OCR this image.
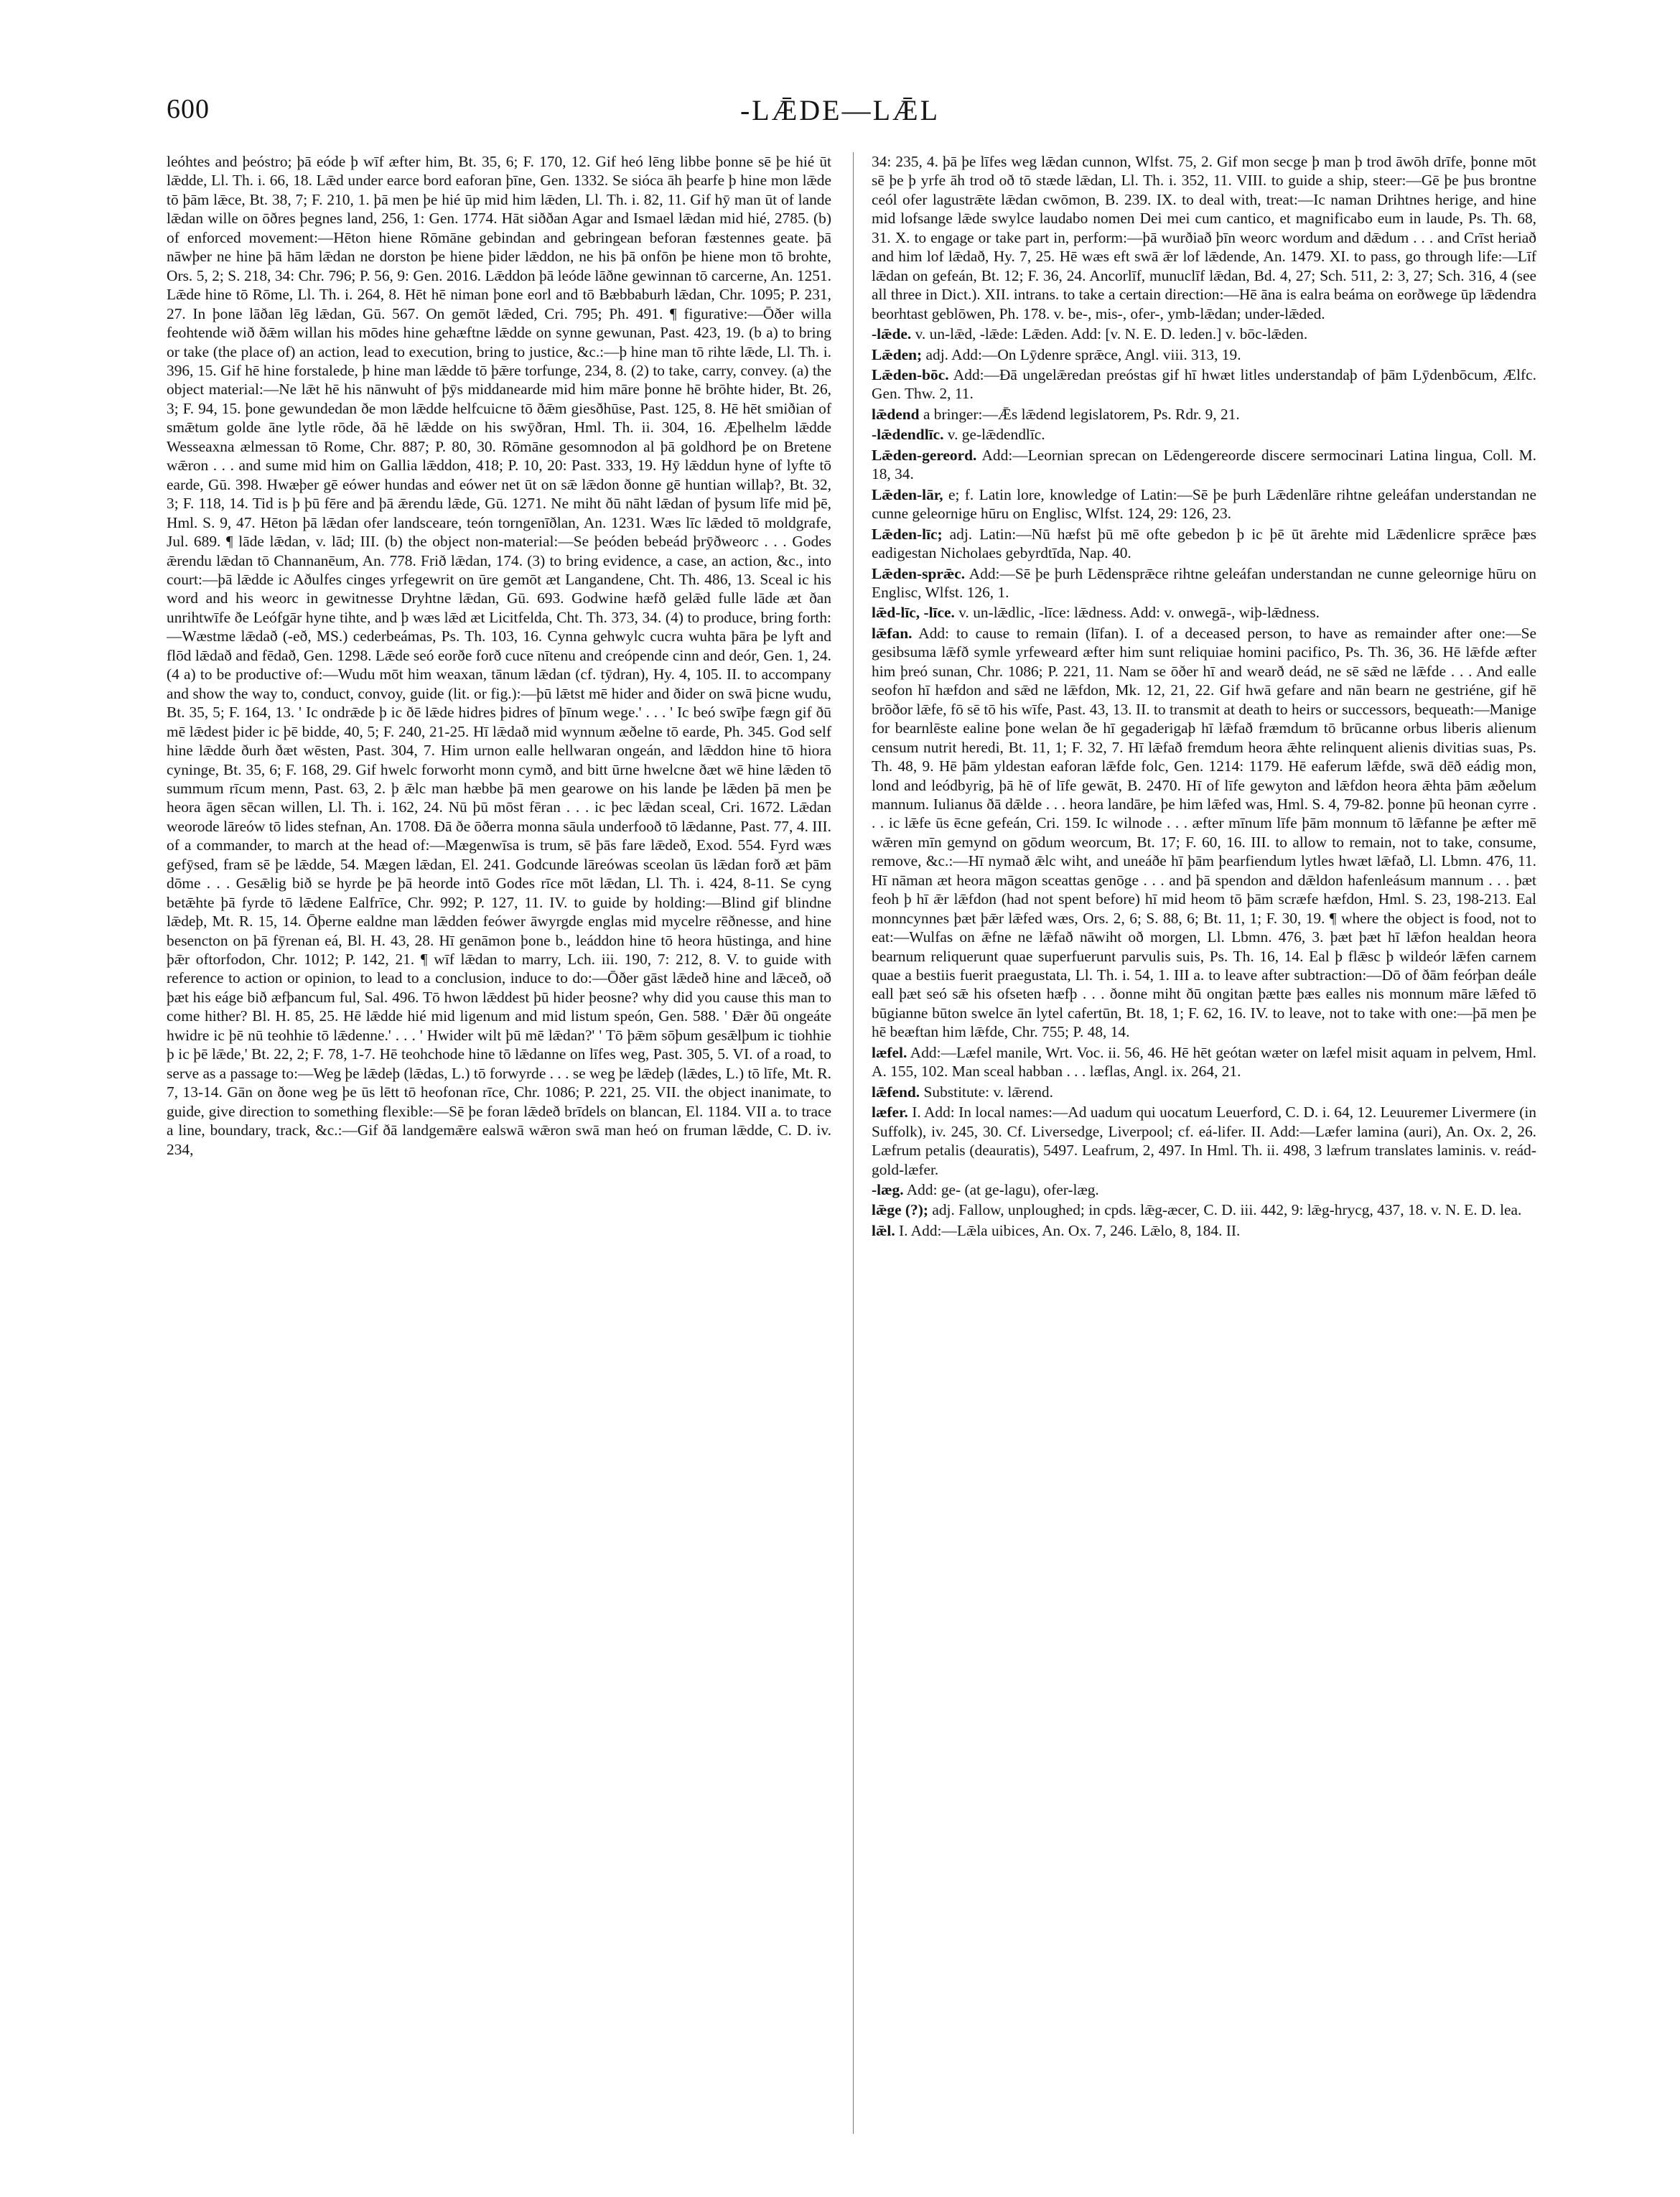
600	-LǢDE—LǢL

leóhtes and þeóstro; þā eóde þ wīf æfter him, Bt. 35, 6; F. 170, 12. Gif heó lēng libbe þonne sē þe hié ūt lǣdde, Ll. Th. i. 66, 18. Lǣd under earce bord eaforan þīne, Gen. 1332. Se sióca āh þearfe þ hine mon lǣde tō þām lǣce, Bt. 38, 7; F. 210, 1. þā men þe hié ūp mid him lǣden, Ll. Th. i. 82, 11. Gif hȳ man ūt of lande lǣdan wille on ōðres þegnes land, 256, 1: Gen. 1774. Hāt siððan Agar and Ismael lǣdan mid hié, 2785. (b) of enforced movement:—Hēton hiene Rōmāne gebindan and gebringean beforan fæstennes geate. þā nāwþer ne hine þā hām lǣdan ne dorston þe hiene þider lǣddon, ne his þā onfōn þe hiene mon tō brohte, Ors. 5, 2; S. 218, 34: Chr. 796; P. 56, 9: Gen. 2016. Lǣddon þā leóde lāðne gewinnan tō carcerne, An. 1251. Lǣde hine tō Rōme, Ll. Th. i. 264, 8. Hēt hē niman þone eorl and tō Bæbbaburh lǣdan, Chr. 1095; P. 231, 27. In þone lāðan lēg lǣdan, Gū. 567. On gemōt lǣded, Cri. 795; Ph. 491. ¶ figurative:—Ōðer willa feohtende wið ðǣm willan his mōdes hine gehæftne lǣdde on synne gewunan, Past. 423, 19. (b a) to bring or take (the place of) an action, lead to execution, bring to justice, &c.:—þ hine man tō rihte lǣde, Ll. Th. i. 396, 15. Gif hē hine forstalede, þ hine man lǣdde tō þǣre torfunge, 234, 8. (2) to take, carry, convey. (a) the object material:—Ne lǣt hē his nānwuht of þȳs middanearde mid him māre þonne hē brōhte hider, Bt. 26, 3; F. 94, 15. þone gewundedan ðe mon lǣdde helfcuicne tō ðǣm giesðhūse, Past. 125, 8. Hē hēt smiðian of smǣtum golde āne lytle rōde, ðā hē lǣdde on his swȳðran, Hml. Th. ii. 304, 16. Æþelhelm lǣdde Wesseaxna ælmessan tō Rome, Chr. 887; P. 80, 30. Rōmāne gesomnodon al þā goldhord þe on Bretene wǣron . . . and sume mid him on Gallia lǣddon, 418; P. 10, 20: Past. 333, 19. Hȳ lǣddun hyne of lyfte tō earde, Gū. 398. Hwæþer gē eówer hundas and eówer net ūt on sǣ lǣdon ðonne gē huntian willaþ?, Bt. 32, 3; F. 118, 14. Tid is þ þū fēre and þā ǣrendu lǣde, Gū. 1271. Ne miht ðū nāht lǣdan of þysum līfe mid þē, Hml. S. 9, 47. Hēton þā lǣdan ofer landsceare, teón torngenīðlan, An. 1231. Wæs līc lǣded tō moldgrafe, Jul. 689. ¶ lāde lǣdan, v. lād; III. (b) the object non-material:—Se þeóden bebeád þrȳðweorc . . . Godes ǣrendu lǣdan tō Channanēum, An. 778. Frið lǣdan, 174. (3) to bring evidence, a case, an action, &c., into court:—þā lǣdde ic Aðulfes cinges yrfegewrit on ūre gemōt æt Langandene, Cht. Th. 486, 13. Sceal ic his word and his weorc in gewitnesse Dryhtne lǣdan, Gū. 693. Godwine hæfð gelǣd fulle lāde æt ðan unrihtwīfe ðe Leófgār hyne tihte, and þ wæs lǣd æt Licitfelda, Cht. Th. 373, 34. (4) to produce, bring forth:—Wæstme lǣdað (-eð, MS.) cederbeámas, Ps. Th. 103, 16. Cynna gehwylc cucra wuhta þāra þe lyft and flōd lǣdað and fēdað, Gen. 1298. Lǣde seó eorðe forð cuce nītenu and creópende cinn and deór, Gen. 1, 24. (4 a) to be productive of:—Wudu mōt him weaxan, tānum lǣdan (cf. tȳdran), Hy. 4, 105. II. to accompany and show the way to, conduct, convoy, guide (lit. or fig.):—þū lǣtst mē hider and ðider on swā þicne wudu, Bt. 35, 5; F. 164, 13. ' Ic ondrǣde þ ic ðē lǣde hidres þidres of þīnum wege.' . . . ' Ic beó swīþe fægn gif ðū mē lǣdest þider ic þē bidde, 40, 5; F. 240, 21-25. Hī lǣdað mid wynnum æðelne tō earde, Ph. 345. God self hine lǣdde ðurh ðæt wēsten, Past. 304, 7. Him urnon ealle hellwaran ongeán, and lǣddon hine tō hiora cyninge, Bt. 35, 6; F. 168, 29. Gif hwelc forworht monn cymð, and bitt ūrne hwelcne ðæt wē hine lǣden tō summum rīcum menn, Past. 63, 2. þ ǣlc man hæbbe þā men gearowe on his lande þe lǣden þā men þe heora āgen sēcan willen, Ll. Th. i. 162, 24. Nū þū mōst fēran . . . ic þec lǣdan sceal, Cri. 1672. Lǣdan weorode lāreów tō lides stefnan, An. 1708. Ðā ðe ōðerra monna sāula underfooð tō lǣdanne, Past. 77, 4. III. of a commander, to march at the head of:—Mægenwīsa is trum, sē þās fare lǣdeð, Exod. 554. Fyrd wæs gefȳsed, fram sē þe lǣdde, 54. Mægen lǣdan, El. 241. Godcunde lāreówas sceolan ūs lǣdan forð æt þām dōme . . . Gesǣlig bið se hyrde þe þā heorde intō Godes rīce mōt lǣdan, Ll. Th. i. 424, 8-11. Se cyng betǣhte þā fyrde tō lǣdene Ealfrīce, Chr. 992; P. 127, 11. IV. to guide by holding:—Blind gif blindne lǣdeþ, Mt. R. 15, 14. Ōþerne ealdne man lǣdden feówer āwyrgde englas mid mycelre rēðnesse, and hine besencton on þā fȳrenan eá, Bl. H. 43, 28. Hī genāmon þone b., leáddon hine tō heora hūstinga, and hine þǣr oftorfodon, Chr. 1012; P. 142, 21. ¶ wīf lǣdan to marry, Lch. iii. 190, 7: 212, 8. V. to guide with reference to action or opinion, to lead to a conclusion, induce to do:—Ōðer gāst lǣdeð hine and lǣceð, oð þæt his eáge bið æfþancum ful, Sal. 496. Tō hwon lǣddest þū hider þeosne? why did you cause this man to come hither? Bl. H. 85, 25. Hē lǣdde hié mid ligenum and mid listum speón, Gen. 588. ' Ðǣr ðū ongeáte hwidre ic þē nū teohhie tō lǣdenne.' . . . ' Hwider wilt þū mē lǣdan?' ' Tō þǣm sōþum gesǣlþum ic tiohhie þ ic þē lǣde,' Bt. 22, 2; F. 78, 1-7. Hē teohchode hine tō lǣdanne on līfes weg, Past. 305, 5. VI. of a road, to serve as a passage to:—Weg þe lǣdeþ (lǣdas, L.) tō forwyrde . . . se weg þe lǣdeþ (lǣdes, L.) tō līfe, Mt. R. 7, 13-14. Gān on ðone weg þe ūs lētt tō heofonan rīce, Chr. 1086; P. 221, 25. VII. the object inanimate, to guide, give direction to something flexible:—Sē þe foran lǣdeð brīdels on blancan, El. 1184. VII a. to trace a line, boundary, track, &c.:—Gif ðā landgemǣre ealswā wǣron swā man heó on fruman lǣdde, C. D. iv. 234,

34: 235, 4. þā þe līfes weg lǣdan cunnon, Wlfst. 75, 2. Gif mon secge þ man þ trod āwōh drīfe, þonne mōt sē þe þ yrfe āh trod oð tō stæde lǣdan, Ll. Th. i. 352, 11. VIII. to guide a ship, steer:—Gē þe þus brontne ceól ofer lagustrǣte lǣdan cwōmon, B. 239. IX. to deal with, treat:—Ic naman Drihtnes herige, and hine mid lofsange lǣde swylce laudabo nomen Dei mei cum cantico, et magnificabo eum in laude, Ps. Th. 68, 31. X. to engage or take part in, perform:—þā wurðiað þīn weorc wordum and dǣdum . . . and Crīst heriað and him lof lǣdað, Hy. 7, 25. Hē wæs eft swā ǣr lof lǣdende, An. 1479. XI. to pass, go through life:—Līf lǣdan on gefeán, Bt. 12; F. 36, 24. Ancorlīf, munuclīf lǣdan, Bd. 4, 27; Sch. 511, 2: 3, 27; Sch. 316, 4 (see all three in Dict.). XII. intrans. to take a certain direction:—Hē āna is ealra beáma on eorðwege ūp lǣdendra beorhtast geblōwen, Ph. 178. v. be-, mis-, ofer-, ymb-lǣdan; under-lǣded.

-lǣde. v. un-lǣd, -lǣde: Lǣden. Add: [v. N. E. D. leden.] v. bōc-lǣden.

Lǣden; adj. Add:—On Lȳdenre sprǣce, Angl. viii. 313, 19.

Lǣden-bōc. Add:—Ðā ungelǣredan preóstas gif hī hwæt litles understandaþ of þām Lȳdenbōcum, Ælfc. Gen. Thw. 2, 11.

lǣdend a bringer:—Ǣs lǣdend legislatorem, Ps. Rdr. 9, 21.

-lǣdendlīc. v. ge-lǣdendlīc.

Lǣden-gereord. Add:—Leornian sprecan on Lēdengereorde discere sermocinari Latina lingua, Coll. M. 18, 34.

Lǣden-lār, e; f. Latin lore, knowledge of Latin:—Sē þe þurh Lǣdenlāre rihtne geleáfan understandan ne cunne geleornige hūru on Englisc, Wlfst. 124, 29: 126, 23.

Lǣden-līc; adj. Latin:—Nū hæfst þū mē ofte gebedon þ ic þē ūt ārehte mid Lǣdenlicre sprǣce þæs eadigestan Nicholaes gebyrdtīda, Nap. 40.

Lǣden-sprǣc. Add:—Sē þe þurh Lēdensprǣce rihtne geleáfan understandan ne cunne geleornige hūru on Englisc, Wlfst. 126, 1.

lǣd-līc, -līce. v. un-lǣdlic, -līce: lǣdness. Add: v. onwegā-, wiþ-lǣdness.

lǣfan. Add: to cause to remain (līfan). I. of a deceased person, to have as remainder after one:—Se gesibsuma lǣfð symle yrfeweard æfter him sunt reliquiae homini pacifico, Ps. Th. 36, 36. Hē lǣfde æfter him þreó sunan, Chr. 1086; P. 221, 11. Nam se ōðer hī and wearð deád, ne sē sǣd ne lǣfde . . . And ealle seofon hī hæfdon and sǣd ne lǣfdon, Mk. 12, 21, 22. Gif hwā gefare and nān bearn ne gestriéne, gif hē brōðor lǣfe, fō sē tō his wīfe, Past. 43, 13. II. to transmit at death to heirs or successors, bequeath:—Manige for bearnlēste ealine þone welan ðe hī gegaderigaþ hī lǣfað fræmdum tō brūcanne orbus liberis alienum censum nutrit heredi, Bt. 11, 1; F. 32, 7. Hī lǣfað fremdum heora ǣhte relinquent alienis divitias suas, Ps. Th. 48, 9. Hē þām yldestan eaforan lǣfde folc, Gen. 1214: 1179. Hē eaferum lǣfde, swā dēð eádig mon, lond and leódbyrig, þā hē of līfe gewāt, B. 2470. Hī of līfe gewyton and lǣfdon heora ǣhta þām æðelum mannum. Iulianus ðā dǣlde . . . heora landāre, þe him lǣfed was, Hml. S. 4, 79-82. þonne þū heonan cyrre . . . ic lǣfe ūs ēcne gefeán, Cri. 159. Ic wilnode . . . æfter mīnum līfe þām monnum tō lǣfanne þe æfter mē wǣren mīn gemynd on gōdum weorcum, Bt. 17; F. 60, 16. III. to allow to remain, not to take, consume, remove, &c.:—Hī nymað ǣlc wiht, and uneáðe hī þām þearfiendum lytles hwæt lǣfað, Ll. Lbmn. 476, 11. Hī nāman æt heora māgon sceattas genōge . . . and þā spendon and dǣldon hafenleásum mannum . . . þæt feoh þ hī ǣr lǣfdon (had not spent before) hī mid heom tō þām scræfe hæfdon, Hml. S. 23, 198-213. Eal monncynnes þæt þǣr lǣfed wæs, Ors. 2, 6; S. 88, 6; Bt. 11, 1; F. 30, 19. ¶ where the object is food, not to eat:—Wulfas on ǣfne ne lǣfað nāwiht oð morgen, Ll. Lbmn. 476, 3. þæt þæt hī lǣfon healdan heora bearnum reliquerunt quae superfuerunt parvulis suis, Ps. Th. 16, 14. Eal þ flǣsc þ wildeór lǣfen carnem quae a bestiis fuerit praegustata, Ll. Th. i. 54, 1. III a. to leave after subtraction:—Dō of ðām feórþan deále eall þæt seó sǣ his ofseten hæfþ . . . ðonne miht ðū ongitan þætte þæs ealles nis monnum māre lǣfed tō būgianne būton swelce ān lytel cafertūn, Bt. 18, 1; F. 62, 16. IV. to leave, not to take with one:—þā men þe hē beæftan him lǣfde, Chr. 755; P. 48, 14.

læfel. Add:—Læfel manile, Wrt. Voc. ii. 56, 46. Hē hēt geótan wæter on læfel misit aquam in pelvem, Hml. A. 155, 102. Man sceal habban . . . læflas, Angl. ix. 264, 21.

lǣfend. Substitute: v. lǣrend.

læfer. I. Add: In local names:—Ad uadum qui uocatum Leuerford, C. D. i. 64, 12. Leuuremer Livermere (in Suffolk), iv. 245, 30. Cf. Liversedge, Liverpool; cf. eá-lifer. II. Add:—Læfer lamina (auri), An. Ox. 2, 26. Læfrum petalis (deauratis), 5497. Leafrum, 2, 497. In Hml. Th. ii. 498, 3 læfrum translates laminis. v. reád-gold-læfer.

-læg. Add: ge- (at ge-lagu), ofer-læg.

lǣge (?); adj. Fallow, unploughed; in cpds. lǣg-æcer, C. D. iii. 442, 9: lǣg-hrycg, 437, 18. v. N. E. D. lea.

lǣl. I. Add:—Lǣla uibices, An. Ox. 7, 246. Lǣlo, 8, 184. II.
